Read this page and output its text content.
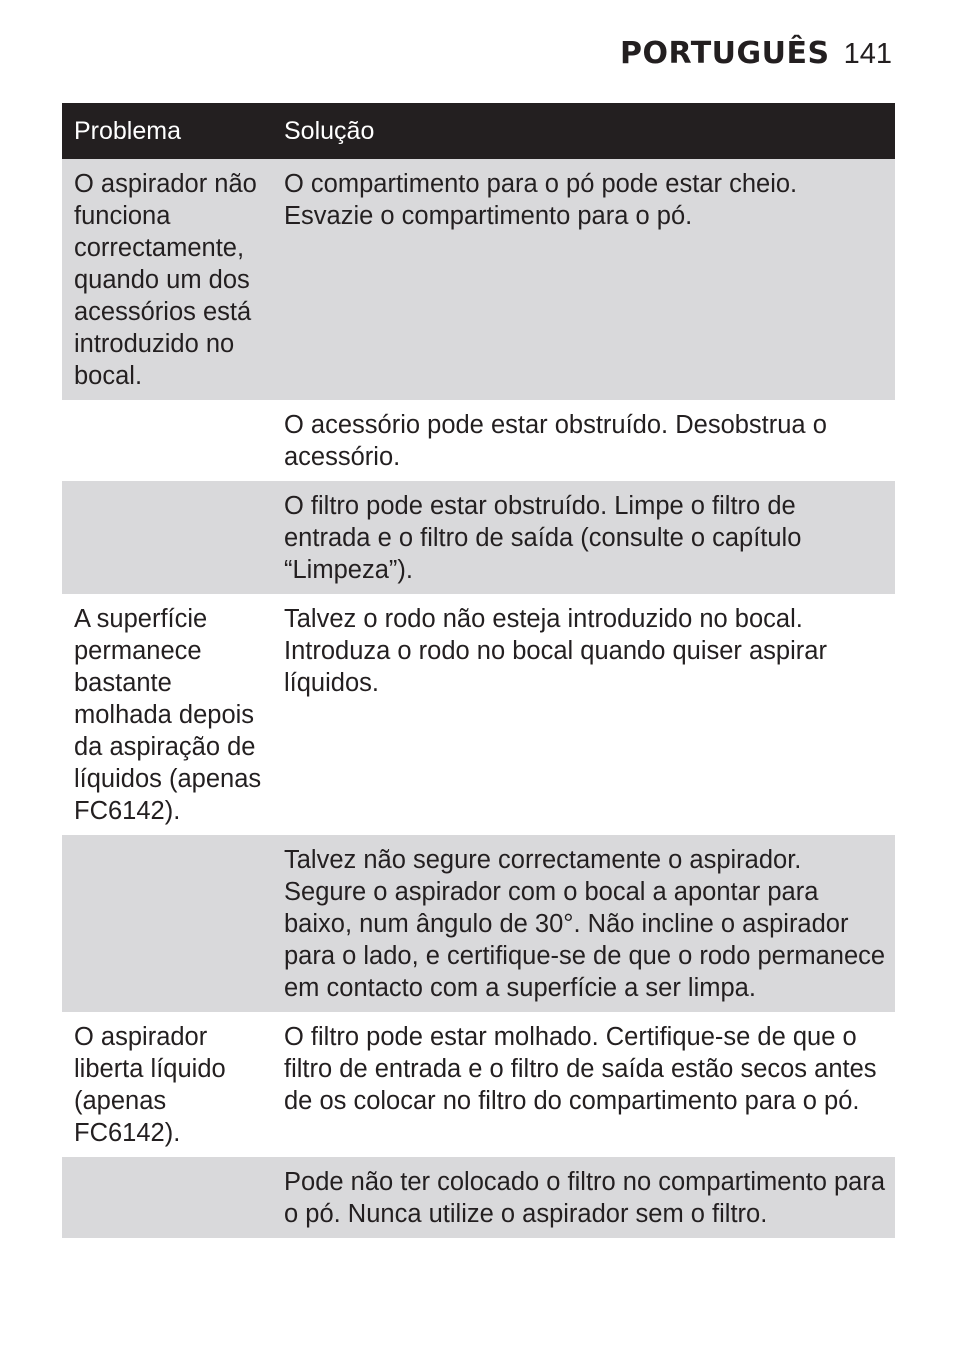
PORTUGUÊS 141
Problema	Solução
O aspirador não funciona correctamente, quando um dos acessórios está introduzido no bocal.	O compartimento para o pó pode estar cheio. Esvazie o compartimento para o pó.
	O acessório pode estar obstruído. Desobstrua o acessório.
	O filtro pode estar obstruído. Limpe o filtro de entrada e o filtro de saída (consulte o capítulo “Limpeza”).
A superfície permanece bastante molhada depois da aspiração de líquidos (apenas FC6142).	Talvez o rodo não esteja introduzido no bocal. Introduza o rodo no bocal quando quiser aspirar líquidos.
	Talvez não segure correctamente o aspirador. Segure o aspirador com o bocal a apontar para baixo, num ângulo de 30°. Não incline o aspirador para o lado, e certifique-se de que o rodo permanece em contacto com a superfície a ser limpa.
O aspirador liberta líquido (apenas FC6142).	O filtro pode estar molhado. Certifique-se de que o filtro de entrada e o filtro de saída estão secos antes de os colocar no filtro do compartimento para o pó.
	Pode não ter colocado o filtro no compartimento para o pó. Nunca utilize o aspirador sem o filtro.
